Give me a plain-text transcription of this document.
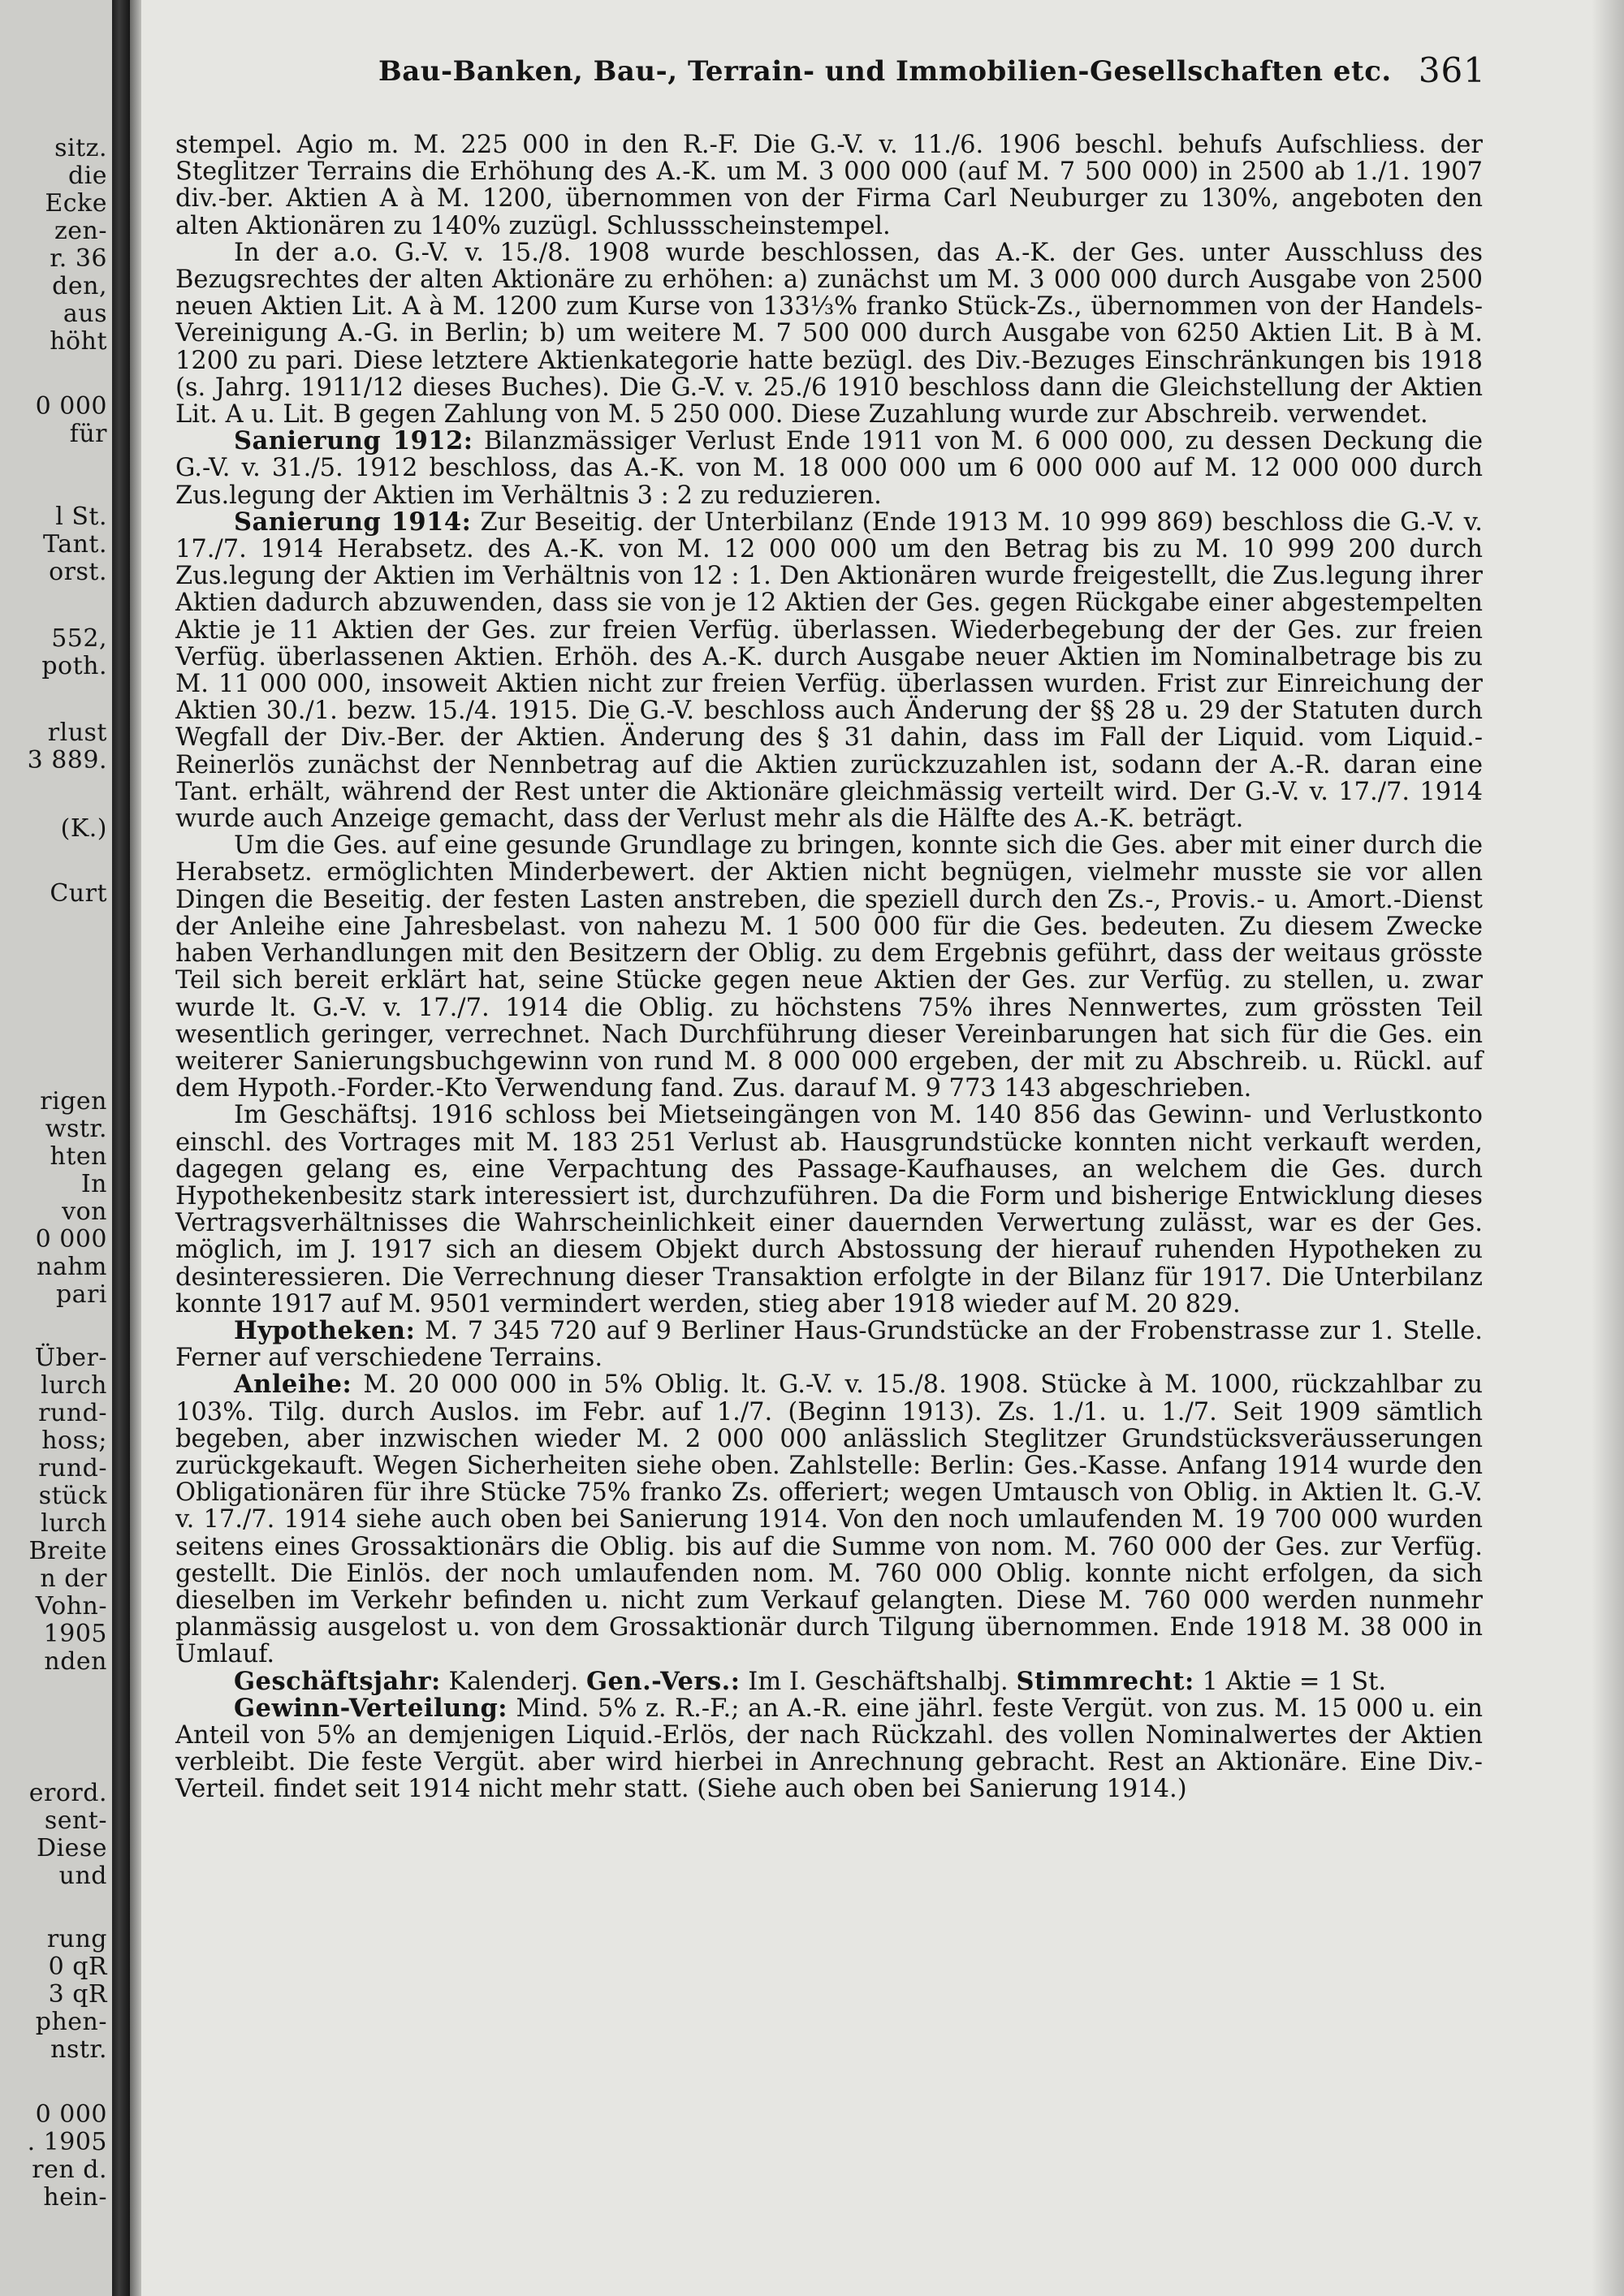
sitz.
die
Ecke
zen-
r. 36
den,
aus
höht
0 000
für
l St.
Tant.
orst.
552,
poth.
rlust
3 889.
(K.)
Curt
rigen
wstr.
hten
In
von
0 000
nahm
pari
Über-
lurch
rund-
hoss;
rund-
stück
lurch
Breite
n der
Vohn-
1905
nden
erord.
sent-
Diese
und
rung
0 qR
3 qR
phen-
nstr.
0 000
. 1905
ren d.
hein-
Bau-Banken, Bau-, Terrain- und Immobilien-Gesellschaften etc. 361

stempel. Agio m. M. 225 000 in den R.-F. Die G.-V. v. 11./6. 1906 beschl. behufs Aufschliess. der Steglitzer Terrains die Erhöhung des A.-K. um M. 3 000 000 (auf M. 7 500 000) in 2500 ab 1./1. 1907 div.-ber. Aktien A à M. 1200, übernommen von der Firma Carl Neuburger zu 130%, angeboten den alten Aktionären zu 140% zuzügl. Schlussscheinstempel.

In der a.o. G.-V. v. 15./8. 1908 wurde beschlossen, das A.-K. der Ges. unter Ausschluss des Bezugsrechtes der alten Aktionäre zu erhöhen: a) zunächst um M. 3 000 000 durch Ausgabe von 2500 neuen Aktien Lit. A à M. 1200 zum Kurse von 133⅓% franko Stück-Zs., übernommen von der Handels-Vereinigung A.-G. in Berlin; b) um weitere M. 7 500 000 durch Ausgabe von 6250 Aktien Lit. B à M. 1200 zu pari. Diese letztere Aktienkategorie hatte bezügl. des Div.-Bezuges Einschränkungen bis 1918 (s. Jahrg. 1911/12 dieses Buches). Die G.-V. v. 25./6 1910 beschloss dann die Gleichstellung der Aktien Lit. A u. Lit. B gegen Zahlung von M. 5 250 000. Diese Zuzahlung wurde zur Abschreib. verwendet.

Sanierung 1912: Bilanzmässiger Verlust Ende 1911 von M. 6 000 000, zu dessen Deckung die G.-V. v. 31./5. 1912 beschloss, das A.-K. von M. 18 000 000 um 6 000 000 auf M. 12 000 000 durch Zus.legung der Aktien im Verhältnis 3 : 2 zu reduzieren.

Sanierung 1914: Zur Beseitig. der Unterbilanz (Ende 1913 M. 10 999 869) beschloss die G.-V. v. 17./7. 1914 Herabsetz. des A.-K. von M. 12 000 000 um den Betrag bis zu M. 10 999 200 durch Zus.legung der Aktien im Verhältnis von 12 : 1. Den Aktionären wurde freigestellt, die Zus.legung ihrer Aktien dadurch abzuwenden, dass sie von je 12 Aktien der Ges. gegen Rückgabe einer abgestempelten Aktie je 11 Aktien der Ges. zur freien Verfüg. überlassen. Wiederbegebung der der Ges. zur freien Verfüg. überlassenen Aktien. Erhöh. des A.-K. durch Ausgabe neuer Aktien im Nominalbetrage bis zu M. 11 000 000, insoweit Aktien nicht zur freien Verfüg. überlassen wurden. Frist zur Einreichung der Aktien 30./1. bezw. 15./4. 1915. Die G.-V. beschloss auch Änderung der §§ 28 u. 29 der Statuten durch Wegfall der Div.-Ber. der Aktien. Änderung des § 31 dahin, dass im Fall der Liquid. vom Liquid.-Reinerlös zunächst der Nennbetrag auf die Aktien zurückzuzahlen ist, sodann der A.-R. daran eine Tant. erhält, während der Rest unter die Aktionäre gleichmässig verteilt wird. Der G.-V. v. 17./7. 1914 wurde auch Anzeige gemacht, dass der Verlust mehr als die Hälfte des A.-K. beträgt.

Um die Ges. auf eine gesunde Grundlage zu bringen, konnte sich die Ges. aber mit einer durch die Herabsetz. ermöglichten Minderbewert. der Aktien nicht begnügen, vielmehr musste sie vor allen Dingen die Beseitig. der festen Lasten anstreben, die speziell durch den Zs.-, Provis.- u. Amort.-Dienst der Anleihe eine Jahresbelast. von nahezu M. 1 500 000 für die Ges. bedeuten. Zu diesem Zwecke haben Verhandlungen mit den Besitzern der Oblig. zu dem Ergebnis geführt, dass der weitaus grösste Teil sich bereit erklärt hat, seine Stücke gegen neue Aktien der Ges. zur Verfüg. zu stellen, u. zwar wurde lt. G.-V. v. 17./7. 1914 die Oblig. zu höchstens 75% ihres Nennwertes, zum grössten Teil wesentlich geringer, verrechnet. Nach Durchführung dieser Vereinbarungen hat sich für die Ges. ein weiterer Sanierungsbuchgewinn von rund M. 8 000 000 ergeben, der mit zu Abschreib. u. Rückl. auf dem Hypoth.-Forder.-Kto Verwendung fand. Zus. darauf M. 9 773 143 abgeschrieben.

Im Geschäftsj. 1916 schloss bei Mietseingängen von M. 140 856 das Gewinn- und Verlustkonto einschl. des Vortrages mit M. 183 251 Verlust ab. Hausgrundstücke konnten nicht verkauft werden, dagegen gelang es, eine Verpachtung des Passage-Kaufhauses, an welchem die Ges. durch Hypothekenbesitz stark interessiert ist, durchzuführen. Da die Form und bisherige Entwicklung dieses Vertragsverhältnisses die Wahrscheinlichkeit einer dauernden Verwertung zulässt, war es der Ges. möglich, im J. 1917 sich an diesem Objekt durch Abstossung der hierauf ruhenden Hypotheken zu desinteressieren. Die Verrechnung dieser Transaktion erfolgte in der Bilanz für 1917. Die Unterbilanz konnte 1917 auf M. 9501 vermindert werden, stieg aber 1918 wieder auf M. 20 829.

Hypotheken: M. 7 345 720 auf 9 Berliner Haus-Grundstücke an der Frobenstrasse zur 1. Stelle. Ferner auf verschiedene Terrains.

Anleihe: M. 20 000 000 in 5% Oblig. lt. G.-V. v. 15./8. 1908. Stücke à M. 1000, rückzahlbar zu 103%. Tilg. durch Auslos. im Febr. auf 1./7. (Beginn 1913). Zs. 1./1. u. 1./7. Seit 1909 sämtlich begeben, aber inzwischen wieder M. 2 000 000 anlässlich Steglitzer Grundstücksveräusserungen zurückgekauft. Wegen Sicherheiten siehe oben. Zahlstelle: Berlin: Ges.-Kasse. Anfang 1914 wurde den Obligationären für ihre Stücke 75% franko Zs. offeriert; wegen Umtausch von Oblig. in Aktien lt. G.-V. v. 17./7. 1914 siehe auch oben bei Sanierung 1914. Von den noch umlaufenden M. 19 700 000 wurden seitens eines Grossaktionärs die Oblig. bis auf die Summe von nom. M. 760 000 der Ges. zur Verfüg. gestellt. Die Einlös. der noch umlaufenden nom. M. 760 000 Oblig. konnte nicht erfolgen, da sich dieselben im Verkehr befinden u. nicht zum Verkauf gelangten. Diese M. 760 000 werden nunmehr planmässig ausgelost u. von dem Grossaktionär durch Tilgung übernommen. Ende 1918 M. 38 000 in Umlauf.

Geschäftsjahr: Kalenderj. Gen.-Vers.: Im I. Geschäftshalbj. Stimmrecht: 1 Aktie = 1 St.

Gewinn-Verteilung: Mind. 5% z. R.-F.; an A.-R. eine jährl. feste Vergüt. von zus. M. 15 000 u. ein Anteil von 5% an demjenigen Liquid.-Erlös, der nach Rückzahl. des vollen Nominalwertes der Aktien verbleibt. Die feste Vergüt. aber wird hierbei in Anrechnung gebracht. Rest an Aktionäre. Eine Div.-Verteil. findet seit 1914 nicht mehr statt. (Siehe auch oben bei Sanierung 1914.)
